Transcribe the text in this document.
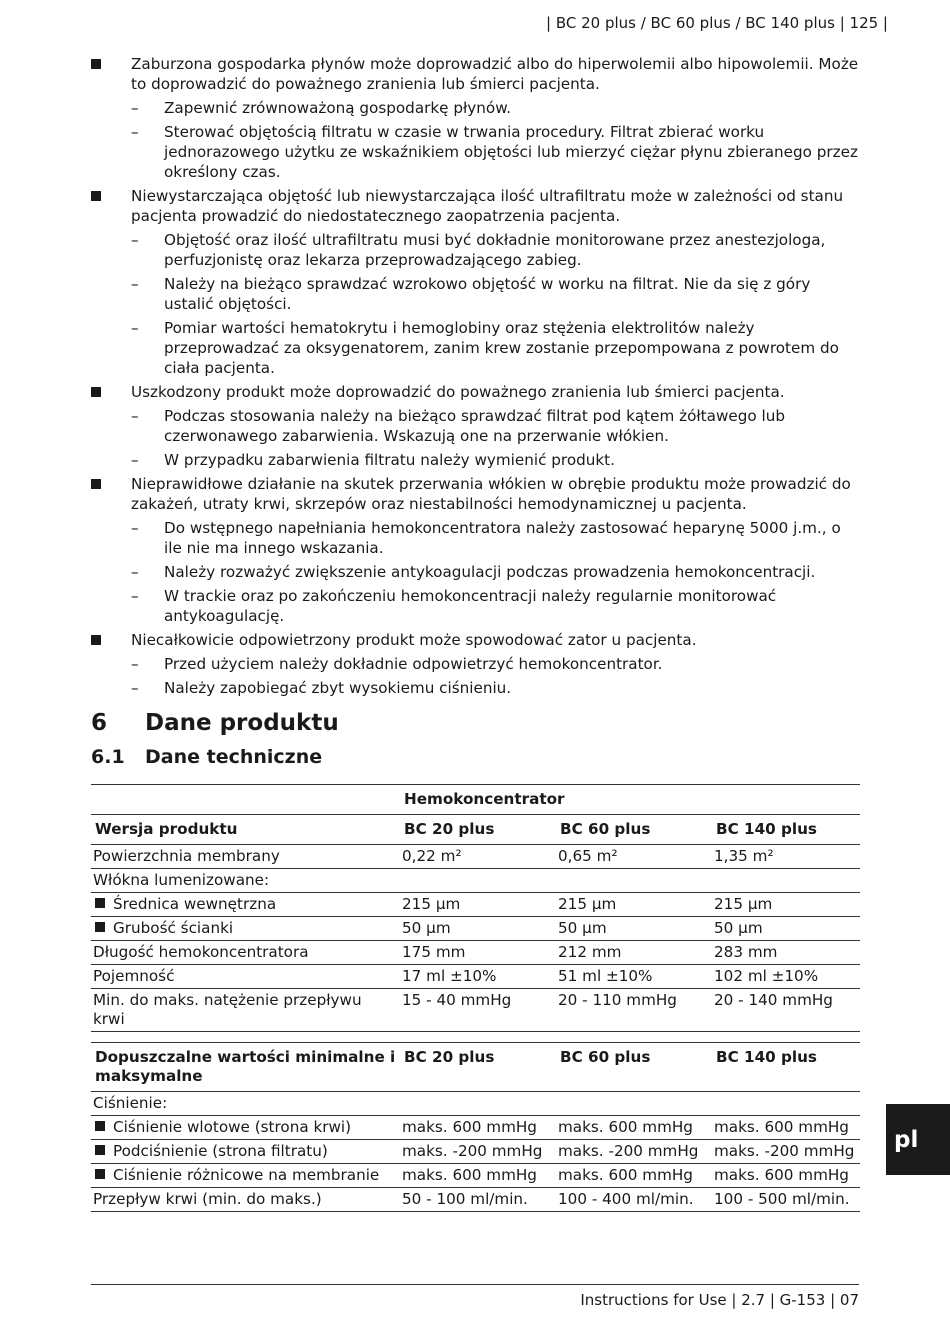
| BC 20 plus / BC 60 plus / BC 140 plus | 125 |
Zaburzona gospodarka płynów może doprowadzić albo do hiperwolemii albo hipowolemii. Może to doprowadzić do poważnego zranienia lub śmierci pacjenta.
– Zapewnić zrównoważoną gospodarkę płynów.
– Sterować objętością filtratu w czasie w trwania procedury. Filtrat zbierać worku jednorazowego użytku ze wskaźnikiem objętości lub mierzyć ciężar płynu zbieranego przez określony czas.
Niewystarczająca objętość lub niewystarczająca ilość ultrafiltratu może w zależności od stanu pacjenta prowadzić do niedostatecznego zaopatrzenia pacjenta.
– Objętość oraz ilość ultrafiltratu musi być dokładnie monitorowane przez anestezjologa, perfuzjonistę oraz lekarza przeprowadzającego zabieg.
– Należy na bieżąco sprawdzać wzrokowo objętość w worku na filtrat. Nie da się z góry ustalić objętości.
– Pomiar wartości hematokrytu i hemoglobiny oraz stężenia elektrolitów należy przeprowadzać za oksygenatorem, zanim krew zostanie przepompowana z powrotem do ciała pacjenta.
Uszkodzony produkt może doprowadzić do poważnego zranienia lub śmierci pacjenta.
– Podczas stosowania należy na bieżąco sprawdzać filtrat pod kątem żółtawego lub czerwonawego zabarwienia. Wskazują one na przerwanie włókien.
– W przypadku zabarwienia filtratu należy wymienić produkt.
Nieprawidłowe działanie na skutek przerwania włókien w obrębie produktu może prowadzić do zakażeń, utraty krwi, skrzepów oraz niestabilności hemodynamicznej u pacjenta.
– Do wstępnego napełniania hemokoncentratora należy zastosować heparynę 5000 j.m., o ile nie ma innego wskazania.
– Należy rozważyć zwiększenie antykoagulacji podczas prowadzenia hemokoncentracji.
– W trackie oraz po zakończeniu hemokoncentracji należy regularnie monitorować antykoagulację.
Niecałkowicie odpowietrzony produkt może spowodować zator u pacjenta.
– Przed użyciem należy dokładnie odpowietrzyć hemokoncentrator.
– Należy zapobiegać zbyt wysokiemu ciśnieniu.
6 Dane produktu
6.1 Dane techniczne
	Hemokoncentrator		
Wersja produktu	BC 20 plus	BC 60 plus	BC 140 plus
Powierzchnia membrany	0,22 m²	0,65 m²	1,35 m²
Włókna lumenizowane:			
Średnica wewnętrzna	215 µm	215 µm	215 µm
Grubość ścianki	50 µm	50 µm	50 µm
Długość hemokoncentratora	175 mm	212 mm	283 mm
Pojemność	17 ml ±10%	51 ml ±10%	102 ml ±10%
Min. do maks. natężenie przepływu krwi	15 - 40 mmHg	20 - 110 mmHg	20 - 140 mmHg
Dopuszczalne wartości minimalne i maksymalne	BC 20 plus	BC 60 plus	BC 140 plus
Ciśnienie:			
Ciśnienie wlotowe (strona krwi)	maks. 600 mmHg	maks. 600 mmHg	maks. 600 mmHg
Podciśnienie (strona filtratu)	maks. -200 mmHg	maks. -200 mmHg	maks. -200 mmHg
Ciśnienie różnicowe na membranie	maks. 600 mmHg	maks. 600 mmHg	maks. 600 mmHg
Przepływ krwi (min. do maks.)	50 - 100 ml/min.	100 - 400 ml/min.	100 - 500 ml/min.
pl
Instructions for Use | 2.7 | G-153 | 07
